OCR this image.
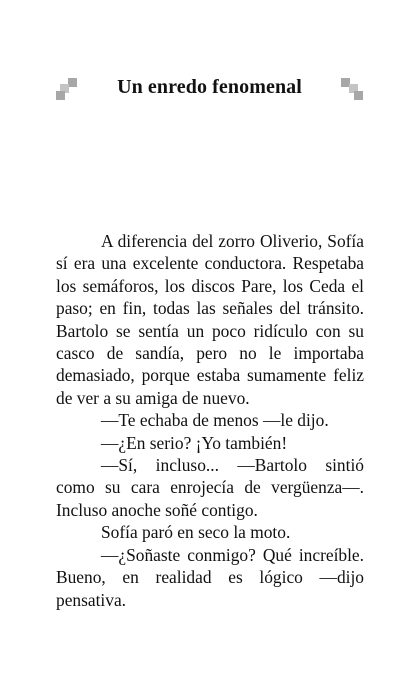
Un enredo fenomenal

A diferencia del zorro Oliverio, Sofía sí era una excelente conductora. Respetaba los semáforos, los discos Pare, los Ceda el paso; en fin, todas las señales del tránsito. Bartolo se sentía un poco ridículo con su casco de sandía, pero no le importaba demasiado, porque estaba sumamente feliz de ver a su amiga de nuevo.

—Te echaba de menos —le dijo.

—¿En serio? ¡Yo también!

—Sí, incluso... —Bartolo sintió como su cara enrojecía de vergüenza—. Incluso anoche soñé contigo.

Sofía paró en seco la moto.

—¿Soñaste conmigo? Qué increíble. Bueno, en realidad es lógico —dijo pensativa.
